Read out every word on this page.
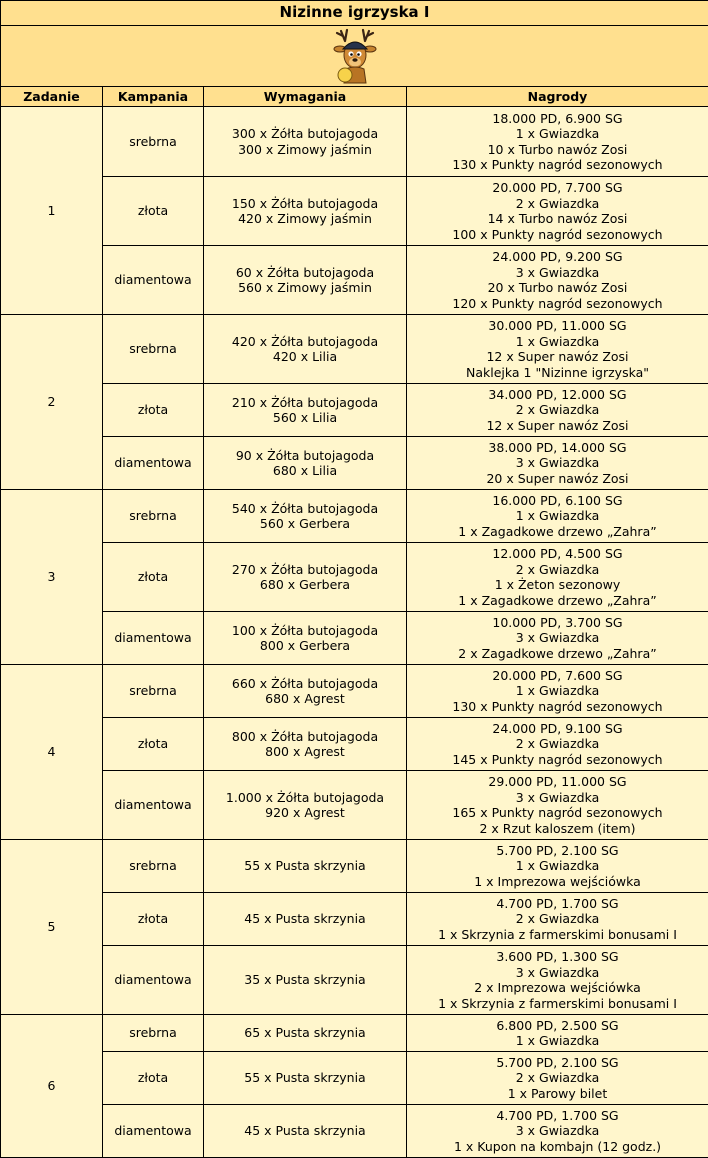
Nizinne igrzyska I			

Zadanie	Kampania	Wymagania	Nagrody
1	srebrna	300 x Żółta butojagoda
300 x Zimowy jaśmin	18.000 PD, 6.900 SG
1 x Gwiazdka
10 x Turbo nawóz Zosi
130 x Punkty nagród sezonowych

	złota	150 x Żółta butojagoda
420 x Zimowy jaśmin	20.000 PD, 7.700 SG
2 x Gwiazdka
14 x Turbo nawóz Zosi
100 x Punkty nagród sezonowych

	diamentowa	60 x Żółta butojagoda
560 x Zimowy jaśmin	24.000 PD, 9.200 SG
3 x Gwiazdka
20 x Turbo nawóz Zosi
120 x Punkty nagród sezonowych

2	srebrna	420 x Żółta butojagoda
420 x Lilia	30.000 PD, 11.000 SG
1 x Gwiazdka
12 x Super nawóz Zosi
Naklejka 1 "Nizinne igrzyska"

	złota	210 x Żółta butojagoda
560 x Lilia	34.000 PD, 12.000 SG
2 x Gwiazdka
12 x Super nawóz Zosi

	diamentowa	90 x Żółta butojagoda
680 x Lilia	38.000 PD, 14.000 SG
3 x Gwiazdka
20 x Super nawóz Zosi

3	srebrna	540 x Żółta butojagoda
560 x Gerbera	16.000 PD, 6.100 SG
1 x Gwiazdka
1 x Zagadkowe drzewo „Zahra”

	złota	270 x Żółta butojagoda
680 x Gerbera	12.000 PD, 4.500 SG
2 x Gwiazdka
1 x Żeton sezonowy
1 x Zagadkowe drzewo „Zahra”

	diamentowa	100 x Żółta butojagoda
800 x Gerbera	10.000 PD, 3.700 SG
3 x Gwiazdka
2 x Zagadkowe drzewo „Zahra”

4	srebrna	660 x Żółta butojagoda
680 x Agrest	20.000 PD, 7.600 SG
1 x Gwiazdka
130 x Punkty nagród sezonowych

	złota	800 x Żółta butojagoda
800 x Agrest	24.000 PD, 9.100 SG
2 x Gwiazdka
145 x Punkty nagród sezonowych

	diamentowa	1.000 x Żółta butojagoda
920 x Agrest	29.000 PD, 11.000 SG
3 x Gwiazdka
165 x Punkty nagród sezonowych
2 x Rzut kaloszem (item)

5	srebrna	55 x Pusta skrzynia	5.700 PD, 2.100 SG
1 x Gwiazdka
1 x Imprezowa wejściówka

	złota	45 x Pusta skrzynia	4.700 PD, 1.700 SG
2 x Gwiazdka
1 x Skrzynia z farmerskimi bonusami I

	diamentowa	35 x Pusta skrzynia	3.600 PD, 1.300 SG
3 x Gwiazdka
2 x Imprezowa wejściówka
1 x Skrzynia z farmerskimi bonusami I

6	srebrna	65 x Pusta skrzynia	6.800 PD, 2.500 SG
1 x Gwiazdka

	złota	55 x Pusta skrzynia	5.700 PD, 2.100 SG
2 x Gwiazdka
1 x Parowy bilet

	diamentowa	45 x Pusta skrzynia	4.700 PD, 1.700 SG
3 x Gwiazdka
1 x Kupon na kombajn (12 godz.)
